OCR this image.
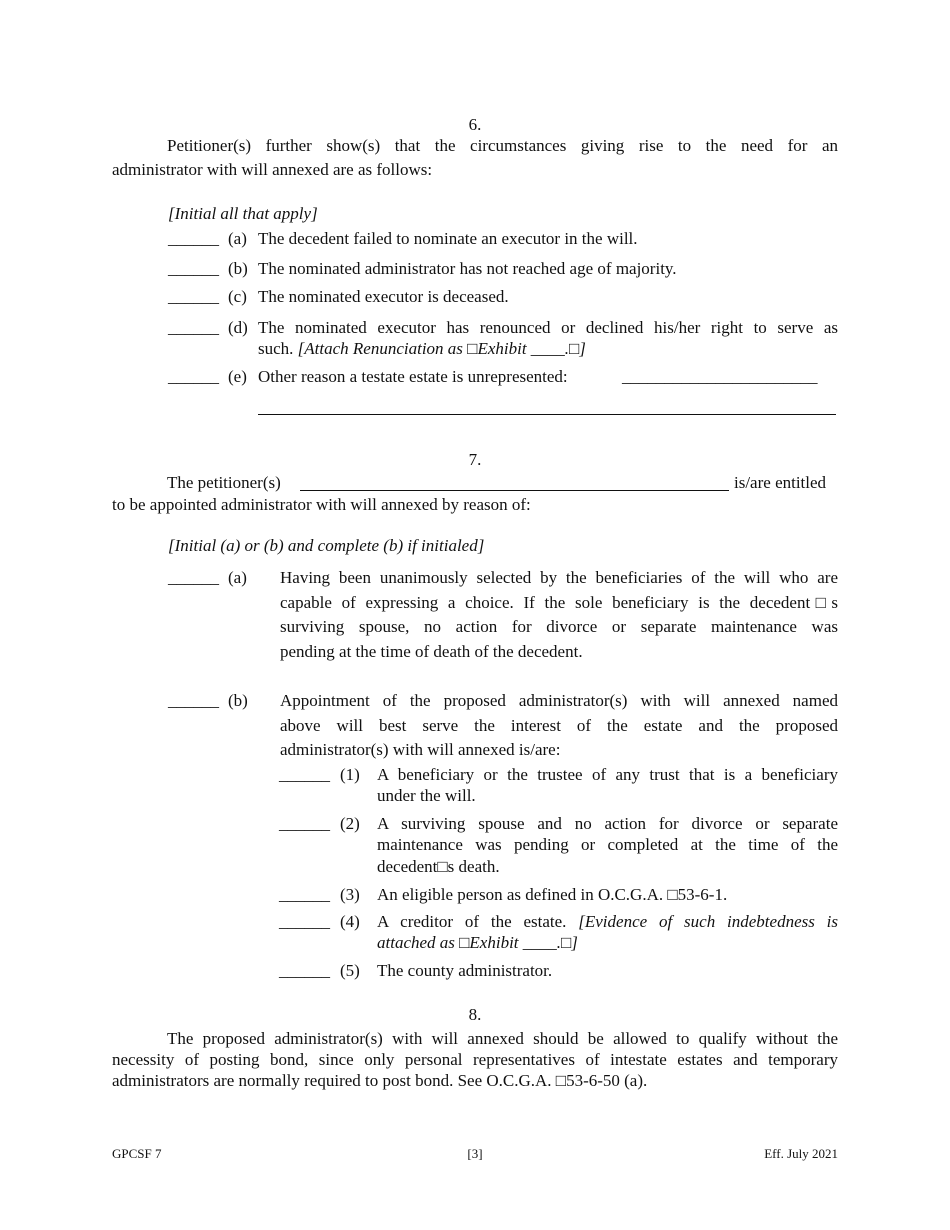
6.
Petitioner(s) further show(s) that the circumstances giving rise to the need for an
administrator with will annexed are as follows:
[Initial all that apply]
______ (a) The decedent failed to nominate an executor in the will.
______ (b) The nominated administrator has not reached age of majority.
______ (c) The nominated executor is deceased.
______ (d) The nominated executor has renounced or declined his/her right to serve as
such. [Attach Renunciation as □Exhibit ____.□]
______ (e) Other reason a testate estate is unrepresented:	_______________________
7.
The petitioner(s)	is/are entitled
to be appointed administrator with will annexed by reason of:
[Initial (a) or (b) and complete (b) if initialed]
______ (a) Having been unanimously selected by the beneficiaries of the will who are
capable of expressing a choice. If the sole beneficiary is the decedent□s
surviving spouse, no action for divorce or separate maintenance was
pending at the time of death of the decedent.
______ (b) Appointment of the proposed administrator(s) with will annexed named
above will best serve the interest of the estate and the proposed
administrator(s) with will annexed is/are:
______ (1) A beneficiary or the trustee of any trust that is a beneficiary
under the will.
______ (2) A surviving spouse and no action for divorce or separate
maintenance was pending or completed at the time of the
decedent□s death.
______ (3) An eligible person as defined in O.C.G.A. □53-6-1.
______ (4) A creditor of the estate. [Evidence of such indebtedness is
attached as □Exhibit ____.□]
______ (5) The county administrator.
8.
The proposed administrator(s) with will annexed should be allowed to qualify without the
necessity of posting bond, since only personal representatives of intestate estates and temporary
administrators are normally required to post bond. See O.C.G.A. □53-6-50 (a).
GPCSF 7	[3]	Eff. July 2021
